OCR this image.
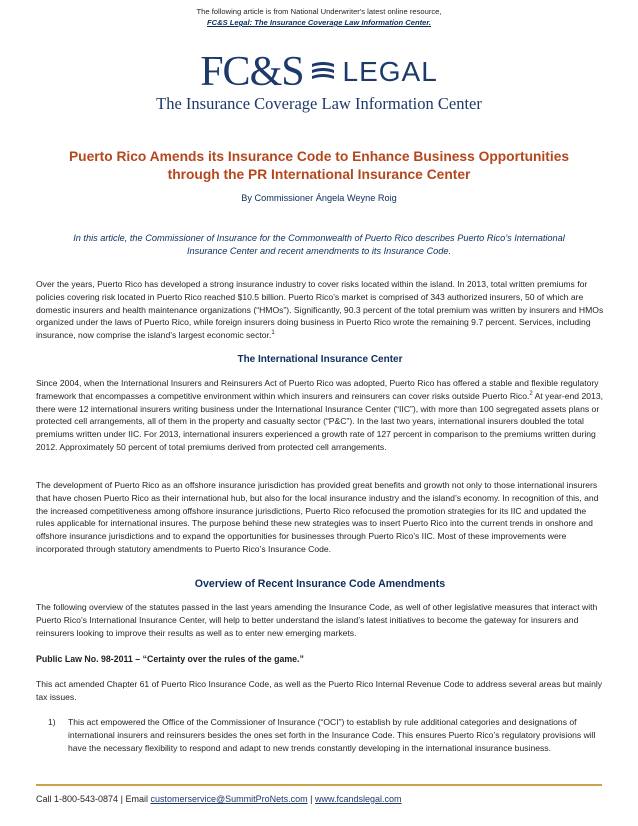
The following article is from National Underwriter's latest online resource,
FC&S Legal: The Insurance Coverage Law Information Center.
FC&S LEGAL
The Insurance Coverage Law Information Center
Puerto Rico Amends its Insurance Code to Enhance Business Opportunities
through the PR International Insurance Center
By Commissioner Ángela Weyne Roig
In this article, the Commissioner of Insurance for the Commonwealth of Puerto Rico describes Puerto Rico’s International Insurance Center and recent amendments to its Insurance Code.
Over the years, Puerto Rico has developed a strong insurance industry to cover risks located within the island. In 2013, total written premiums for policies covering risk located in Puerto Rico reached $10.5 billion. Puerto Rico’s market is comprised of 343 authorized insurers, 50 of which are domestic insurers and health maintenance organizations (“HMOs”). Significantly, 90.3 percent of the total premium was written by insurers and HMOs organized under the laws of Puerto Rico, while foreign insurers doing business in Puerto Rico wrote the remaining 9.7 percent. Services, including insurance, now comprise the island’s largest economic sector.$^1$
The International Insurance Center
Since 2004, when the International Insurers and Reinsurers Act of Puerto Rico was adopted, Puerto Rico has offered a stable and flexible regulatory framework that encompasses a competitive environment within which insurers and reinsurers can cover risks outside Puerto Rico.$^2$ At year-end 2013, there were 12 international insurers writing business under the International Insurance Center (“IIC”), with more than 100 segregated assets plans or protected cell arrangements, all of them in the property and casualty sector (“P&C”). In the last two years, international insurers doubled the total premiums written under IIC. For 2013, international insurers experienced a growth rate of 127 percent in comparison to the premiums written during 2012. Approximately 50 percent of total premiums derived from protected cell arrangements.
The development of Puerto Rico as an offshore insurance jurisdiction has provided great benefits and growth not only to those international insurers that have chosen Puerto Rico as their international hub, but also for the local insurance industry and the island’s economy. In recognition of this, and the increased competitiveness among offshore insurance jurisdictions, Puerto Rico refocused the promotion strategies for its IIC and updated the rules applicable for international insures. The purpose behind these new strategies was to insert Puerto Rico into the current trends in onshore and offshore insurance jurisdictions and to expand the opportunities for businesses through Puerto Rico’s IIC. Most of these improvements were incorporated through statutory amendments to Puerto Rico’s Insurance Code.
Overview of Recent Insurance Code Amendments
The following overview of the statutes passed in the last years amending the Insurance Code, as well of other legislative measures that interact with Puerto Rico’s International Insurance Center, will help to better understand the island’s latest initiatives to become the gateway for insurers and reinsurers looking to improve their results as well as to enter new emerging markets.
Public Law No. 98-2011 – “Certainty over the rules of the game.”
This act amended Chapter 61 of Puerto Rico Insurance Code, as well as the Puerto Rico Internal Revenue Code to address several areas but mainly tax issues.
1)	This act empowered the Office of the Commissioner of Insurance (“OCI”) to establish by rule additional categories and designations of international insurers and reinsurers besides the ones set forth in the Insurance Code. This ensures Puerto Rico’s regulatory provisions will have the necessary flexibility to respond and adapt to new trends constantly developing in the international insurance business.
Call 1-800-543-0874 | Email customerservice@SummitProNets.com | www.fcandslegal.com
